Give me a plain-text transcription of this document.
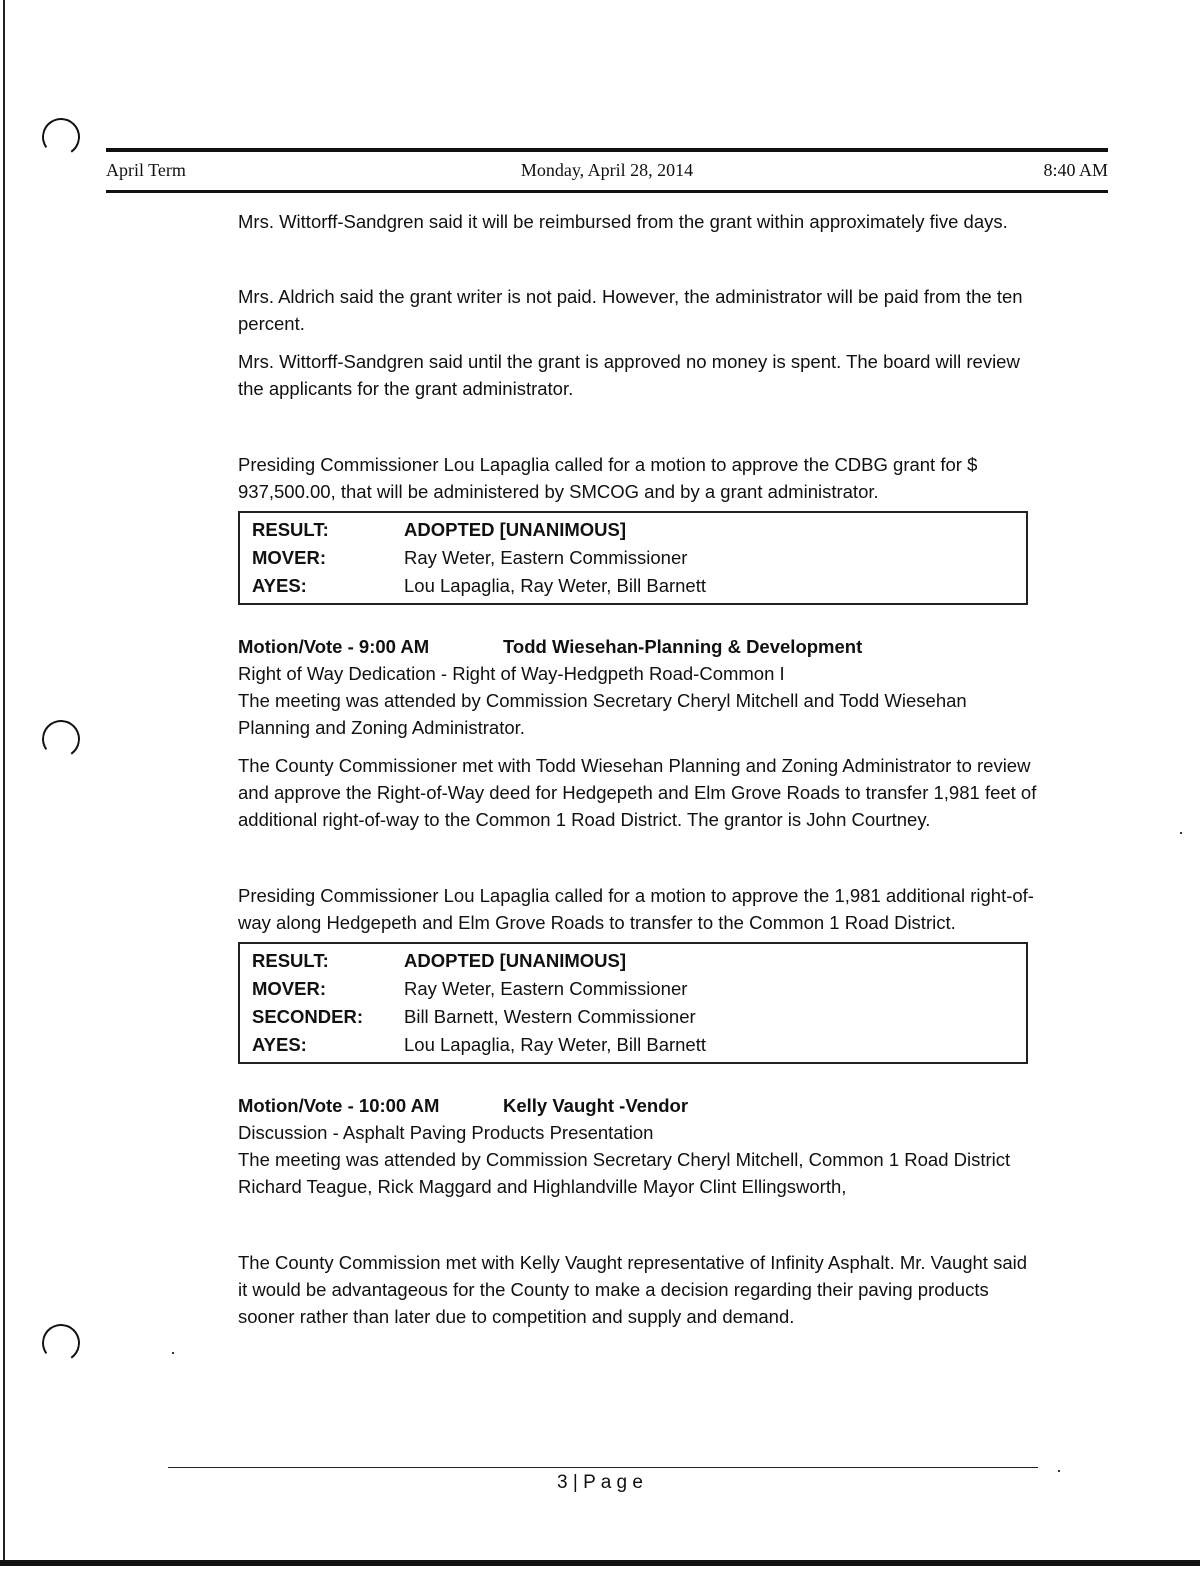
April Term	Monday, April 28, 2014	8:40 AM

Mrs. Wittorff-Sandgren said it will be reimbursed from the grant within approximately five days.

Mrs. Aldrich said the grant writer is not paid. However, the administrator will be paid from the ten percent.

Mrs. Wittorff-Sandgren said until the grant is approved no money is spent. The board will review the applicants for the grant administrator.

Presiding Commissioner Lou Lapaglia called for a motion to approve the CDBG grant for $ 937,500.00, that will be administered by SMCOG and by a grant administrator.

RESULT:	ADOPTED [UNANIMOUS]
MOVER:	Ray Weter, Eastern Commissioner
AYES:	Lou Lapaglia, Ray Weter, Bill Barnett
Motion/Vote - 9:00 AM	Todd Wiesehan-Planning & Development

Right of Way Dedication - Right of Way-Hedgpeth Road-Common I

The meeting was attended by Commission Secretary Cheryl Mitchell and Todd Wiesehan Planning and Zoning Administrator.

The County Commissioner met with Todd Wiesehan Planning and Zoning Administrator to review and approve the Right-of-Way deed for Hedgepeth and Elm Grove Roads to transfer 1,981 feet of additional right-of-way to the Common 1 Road District. The grantor is John Courtney.

Presiding Commissioner Lou Lapaglia called for a motion to approve the 1,981 additional right-of-way along Hedgepeth and Elm Grove Roads to transfer to the Common 1 Road District.

RESULT:	ADOPTED [UNANIMOUS]
MOVER:	Ray Weter, Eastern Commissioner
SECONDER:	Bill Barnett, Western Commissioner
AYES:	Lou Lapaglia, Ray Weter, Bill Barnett
Motion/Vote - 10:00 AM	Kelly Vaught -Vendor

Discussion - Asphalt Paving Products Presentation

The meeting was attended by Commission Secretary Cheryl Mitchell, Common 1 Road District Richard Teague, Rick Maggard and Highlandville Mayor Clint Ellingsworth,

The County Commission met with Kelly Vaught representative of Infinity Asphalt. Mr. Vaught said it would be advantageous for the County to make a decision regarding their paving products sooner rather than later due to competition and supply and demand.

3 | P a g e
